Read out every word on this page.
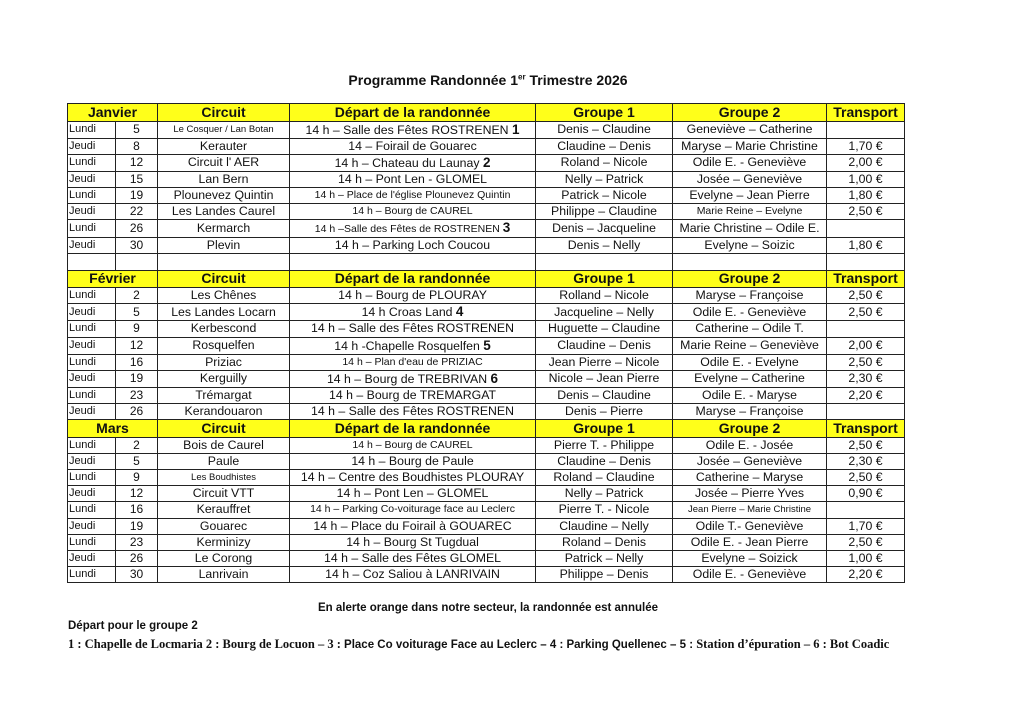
Programme Randonnée 1er Trimestre 2026
Janvier		Circuit	Départ de la randonnée	Groupe 1	Groupe 2	Transport
Lundi	5	Le Cosquer / Lan Botan	14 h – Salle des Fêtes ROSTRENEN 1	Denis – Claudine	Geneviève – Catherine	
Jeudi	8	Kerauter	14 – Foirail de Gouarec	Claudine – Denis	Maryse – Marie Christine	1,70 €
Lundi	12	Circuit l' AER	14 h – Chateau du Launay 2	Roland – Nicole	Odile E. - Geneviève	2,00 €
Jeudi	15	Lan Bern	14 h – Pont Len - GLOMEL	Nelly – Patrick	Josée – Geneviève	1,00 €
Lundi	19	Plounevez Quintin	14 h – Place de l'église Plounevez Quintin	Patrick – Nicole	Evelyne – Jean Pierre	1,80 €
Jeudi	22	Les Landes Caurel	14 h – Bourg de CAUREL	Philippe – Claudine	Marie Reine – Evelyne	2,50 €
Lundi	26	Kermarch	14 h –Salle des Fêtes de ROSTRENEN 3	Denis – Jacqueline	Marie Christine – Odile E.	
Jeudi	30	Plevin	14 h – Parking Loch Coucou	Denis – Nelly	Evelyne – Soizic	1,80 €

Février		Circuit	Départ de la randonnée	Groupe 1	Groupe 2	Transport
Lundi	2	Les Chênes	14 h – Bourg de PLOURAY	Rolland – Nicole	Maryse – Françoise	2,50 €
Jeudi	5	Les Landes Locarn	14 h Croas Land 4	Jacqueline – Nelly	Odile E. - Geneviève	2,50 €
Lundi	9	Kerbescond	14 h – Salle des Fêtes ROSTRENEN	Huguette – Claudine	Catherine – Odile T.	
Jeudi	12	Rosquelfen	14 h -Chapelle Rosquelfen 5	Claudine – Denis	Marie Reine – Geneviève	2,00 €
Lundi	16	Priziac	14 h – Plan d'eau de PRIZIAC	Jean Pierre – Nicole	Odile E. - Evelyne	2,50 €
Jeudi	19	Kerguilly	14 h – Bourg de TREBRIVAN 6	Nicole – Jean Pierre	Evelyne – Catherine	2,30 €
Lundi	23	Trémargat	14 h – Bourg de TREMARGAT	Denis – Claudine	Odile E. - Maryse	2,20 €
Jeudi	26	Kerandouaron	14 h – Salle des Fêtes ROSTRENEN	Denis – Pierre	Maryse – Françoise	
Mars		Circuit	Départ de la randonnée	Groupe 1	Groupe 2	Transport
Lundi	2	Bois de Caurel	14 h – Bourg de CAUREL	Pierre T. - Philippe	Odile E. - Josée	2,50 €
Jeudi	5	Paule	14 h – Bourg de Paule	Claudine – Denis	Josée – Geneviève	2,30 €
Lundi	9	Les Boudhistes	14 h – Centre des Boudhistes PLOURAY	Roland – Claudine	Catherine – Maryse	2,50 €
Jeudi	12	Circuit VTT	14 h – Pont Len – GLOMEL	Nelly – Patrick	Josée – Pierre Yves	0,90 €
Lundi	16	Kerauffret	14 h – Parking Co-voiturage face au Leclerc	Pierre T. - Nicole	Jean Pierre – Marie Christine	
Jeudi	19	Gouarec	14 h – Place du Foirail à GOUAREC	Claudine – Nelly	Odile T.- Geneviève	1,70 €
Lundi	23	Kerminizy	14 h – Bourg St Tugdual	Roland – Denis	Odile E. - Jean Pierre	2,50 €
Jeudi	26	Le Corong	14 h – Salle des Fêtes GLOMEL	Patrick – Nelly	Evelyne – Soizick	1,00 €
Lundi	30	Lanrivain	14 h – Coz Saliou à LANRIVAIN	Philippe – Denis	Odile E. - Geneviève	2,20 €
En alerte orange dans notre secteur, la randonnée est annulée
Départ pour le groupe 2
1 : Chapelle de Locmaria 2 : Bourg de Locuon – 3 : Place Co voiturage Face au Leclerc – 4 : Parking Quellenec – 5 : Station d’épuration – 6 : Bot Coadic
